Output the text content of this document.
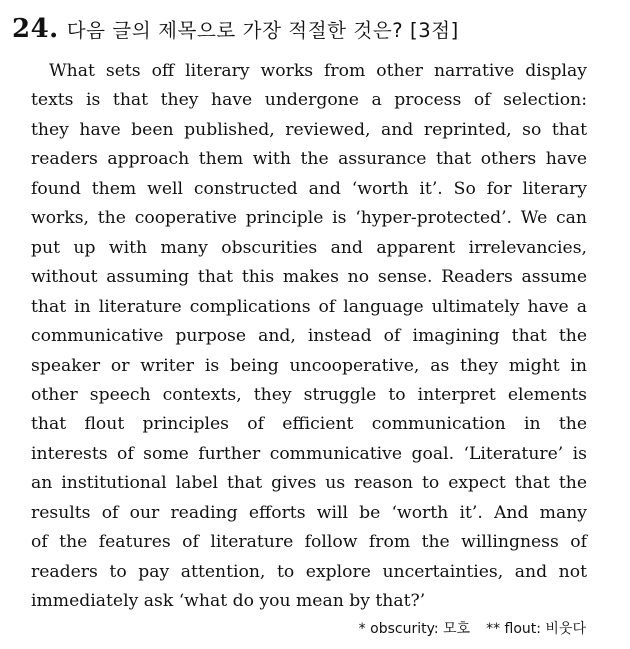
24. 다음 글의 제목으로 가장 적절한 것은? [3점]
What sets off literary works from other narrative display
texts is that they have undergone a process of selection:
they have been published, reviewed, and reprinted, so that
readers approach them with the assurance that others have
found them well constructed and ‘worth it’. So for literary
works, the cooperative principle is ‘hyper-protected’. We can
put up with many obscurities and apparent irrelevancies,
without assuming that this makes no sense. Readers assume
that in literature complications of language ultimately have a
communicative purpose and, instead of imagining that the
speaker or writer is being uncooperative, as they might in
other speech contexts, they struggle to interpret elements
that flout principles of efficient communication in the
interests of some further communicative goal. ‘Literature’ is
an institutional label that gives us reason to expect that the
results of our reading efforts will be ‘worth it’. And many
of the features of literature follow from the willingness of
readers to pay attention, to explore uncertainties, and not
immediately ask ‘what do you mean by that?’
* obscurity: 모호 ** flout: 비웃다
